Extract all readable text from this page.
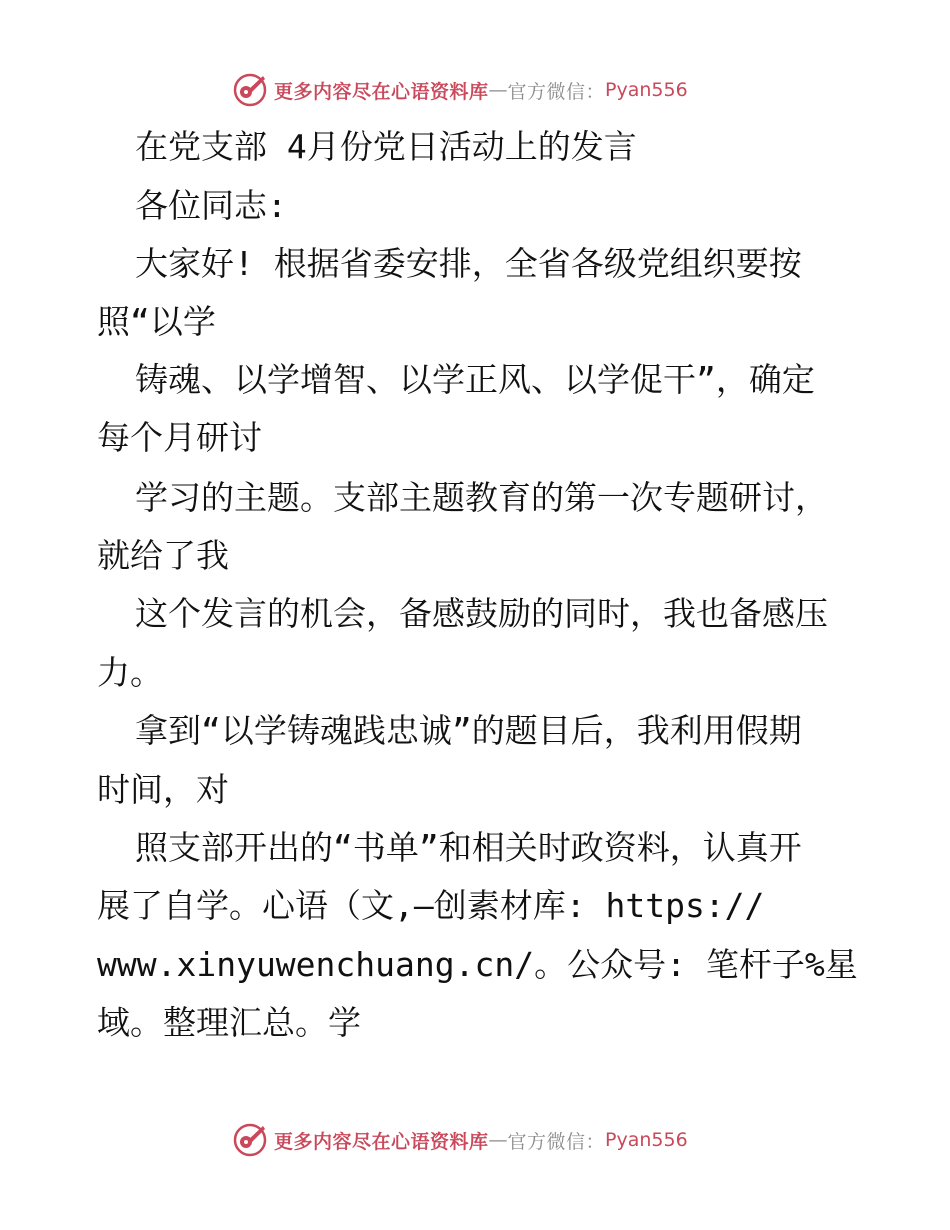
更多内容尽在心语资料库 — 官方微信： Pyan556
在党支部 4月份党日活动上的发言
各位同志:
大家好! 根据省委安排，全省各级党组织要按
照“以学
铸魂、以学增智、以学正风、以学促干”，确定
每个月研讨
学习的主题。支部主题教育的第一次专题研讨，
就给了我
这个发言的机会，备感鼓励的同时，我也备感压
力。
拿到“以学铸魂践忠诚”的题目后，我利用假期
时间，对
照支部开出的“书单”和相关时政资料，认真开
展了自学。心语（文,—创素材库: https://
www.xinyuwenchuang.cn/。公众号: 笔杆子%星
域。整理汇总。学
更多内容尽在心语资料库 — 官方微信： Pyan556
